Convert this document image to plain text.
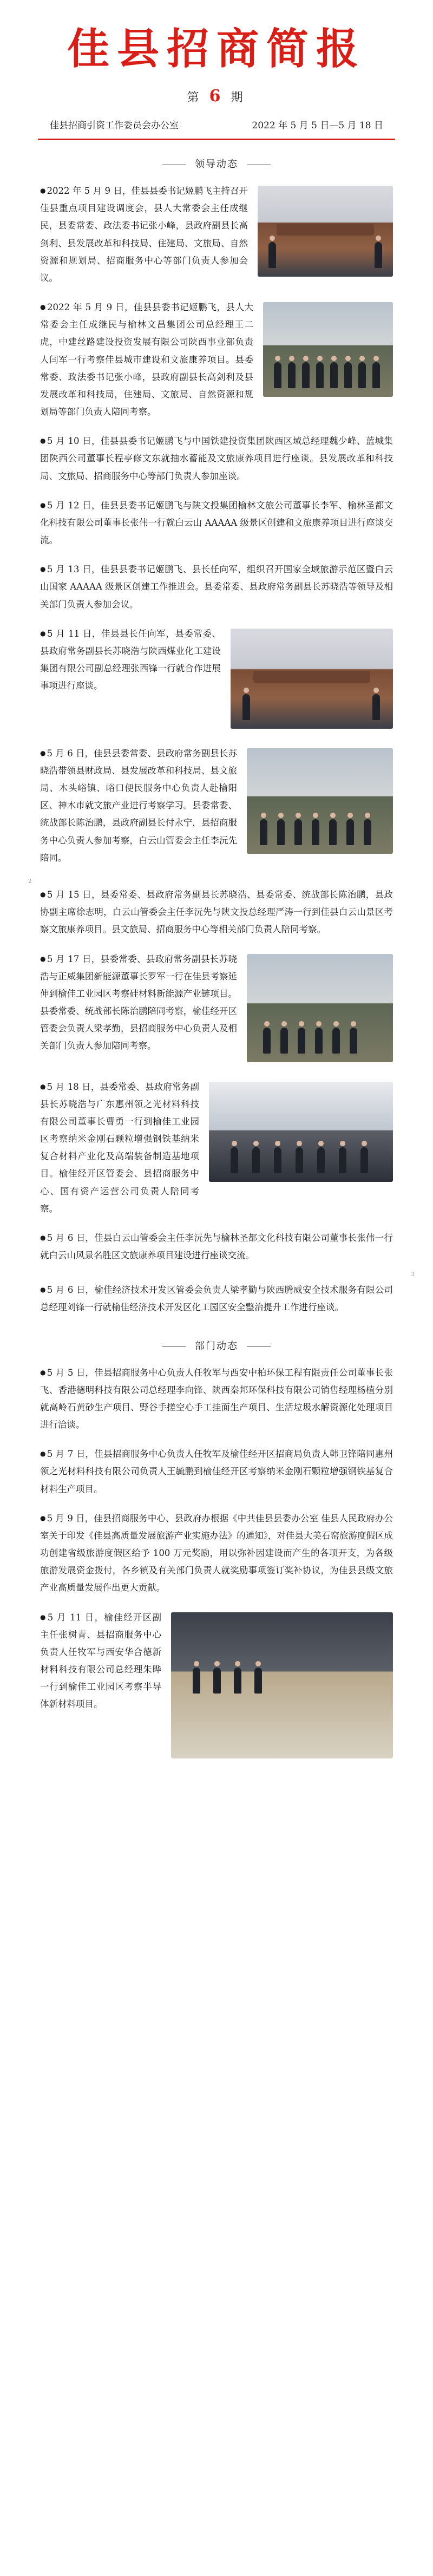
佳县招商简报
第 6 期
佳县招商引资工作委员会办公室	2022 年 5 月 5 日—5 月 18 日
领导动态
● 2022 年 5 月 9 日，佳县县委书记姬鹏飞主持召开佳县重点项目建设调度会，县人大常委会主任成继民，县委常委、政法委书记张小峰，县政府副县长高剑利、县发展改革和科技局、住建局、文旅局、自然资源和规划局、招商服务中心等部门负责人参加会议。
● 2022 年 5 月 9 日，佳县县委书记姬鹏飞，县人大常委会主任成继民与榆林文昌集团公司总经理王二虎，中建丝路建设投资发展有限公司陕西事业部负责人闫军一行考察佳县城市建设和文旅康养项目。县委常委、政法委书记张小峰，县政府副县长高剑利及县发展改革和科技局，住建局、文旅局、自然资源和规划局等部门负责人陪同考察。
● 5 月 10 日，佳县县委书记姬鹏飞与中国铁建投资集团陕西区域总经理魏少峰、蓝城集团陕西公司董事长程亭修文东就抽水蓄能及文旅康养项目进行座谈。县发展改革和科技局、文旅局、招商服务中心等部门负责人参加座谈。
● 5 月 12 日，佳县县委书记姬鹏飞与陕文投集团榆林文旅公司董事长李军、榆林圣都文化科技有限公司董事长张伟一行就白云山 AAAAA 级景区创建和文旅康养项目进行座谈交流。
● 5 月 13 日，佳县县委书记姬鹏飞、县长任向军，组织召开国家全域旅游示范区暨白云山国家 AAAAA 级景区创建工作推进会。县委常委、县政府常务副县长苏晓浩等领导及相关部门负责人参加会议。
● 5 月 11 日，佳县县长任向军，县委常委、县政府常务副县长苏晓浩与陕西煤业化工建设集团有限公司副总经理张西锋一行就合作进展事项进行座谈。
● 5 月 6 日，佳县县委常委、县政府常务副县长苏晓浩带领县财政局、县发展改革和科技局、县文旅局、木头峪镇、峪口便民服务中心负责人赴榆阳区、神木市就文旅产业进行考察学习。县委常委、统战部长陈治鹏，县政府副县长付永宁，县招商服务中心负责人参加考察，白云山管委会主任李沅先陪同。
2
● 5 月 15 日，县委常委、县政府常务副县长苏晓浩、县委常委、统战部长陈治鹏，县政协副主席徐志明，白云山管委会主任李沅先与陕文投总经理严涛一行到佳县白云山景区考察文旅康养项目。县文旅局、招商服务中心等相关部门负责人陪同考察。
● 5 月 17 日，县委常委、县政府常务副县长苏晓浩与正威集团新能源董事长罗军一行在佳县考察延伸到榆佳工业园区考察硅材料新能源产业链项目。县委常委、统战部长陈治鹏陪同考察，榆佳经开区管委会负责人梁孝勤，县招商服务中心负责人及相关部门负责人参加陪同考察。
● 5 月 18 日，县委常委、县政府常务副县长苏晓浩与广东惠州领之光材料科技有限公司董事长曹勇一行到榆佳工业园区考察纳米金刚石颗粒增强钢铁基纳米复合材料产业化及高端装备制造基地项目。榆佳经开区管委会、县招商服务中心、国有资产运营公司负责人陪同考察。
● 5 月 6 日，佳县白云山管委会主任李沅先与榆林圣都文化科技有限公司董事长张伟一行就白云山风景名胜区文旅康养项目建设进行座谈交流。
3
● 5 月 6 日，榆佳经济技术开发区管委会负责人梁孝勤与陕西腾威安全技术服务有限公司总经理刘锋一行就榆佳经济技术开发区化工园区安全整治提升工作进行座谈。
部门动态
● 5 月 5 日，佳县招商服务中心负责人任牧军与西安中柏环保工程有限责任公司董事长张飞、香港德明科技有限公司总经理李向锋、陕西秦邦环保科技有限公司销售经理杨植分别就高岭石黄砂生产项目、野谷手搓空心手工挂面生产项目、生活垃圾水解资源化处理项目进行洽谈。
● 5 月 7 日，佳县招商服务中心负责人任牧军及榆佳经开区招商局负责人韩卫锋陪同惠州领之光材料科技有限公司负责人王毓鹏到榆佳经开区考察纳米金刚石颗粒增强钢铁基复合材料生产项目。
● 5 月 9 日，佳县招商服务中心、县政府办根据《中共佳县县委办公室 佳县人民政府办公室关于印发《佳县高质量发展旅游产业实施办法》的通知》，对佳县大美石窑旅游度假区成功创建省级旅游度假区给予 100 万元奖励，用以弥补因建设而产生的各项开支，为各级旅游发展资金拨付，各乡镇及有关部门负责人就奖励事项签订奖补协议，为佳县县级文旅产业高质量发展作出更大贡献。
● 5 月 11 日，榆佳经开区副主任张树青、县招商服务中心负责人任牧军与西安华合德新材料科技有限公司总经理朱晔一行到榆佳工业园区考察半导体新材料项目。
